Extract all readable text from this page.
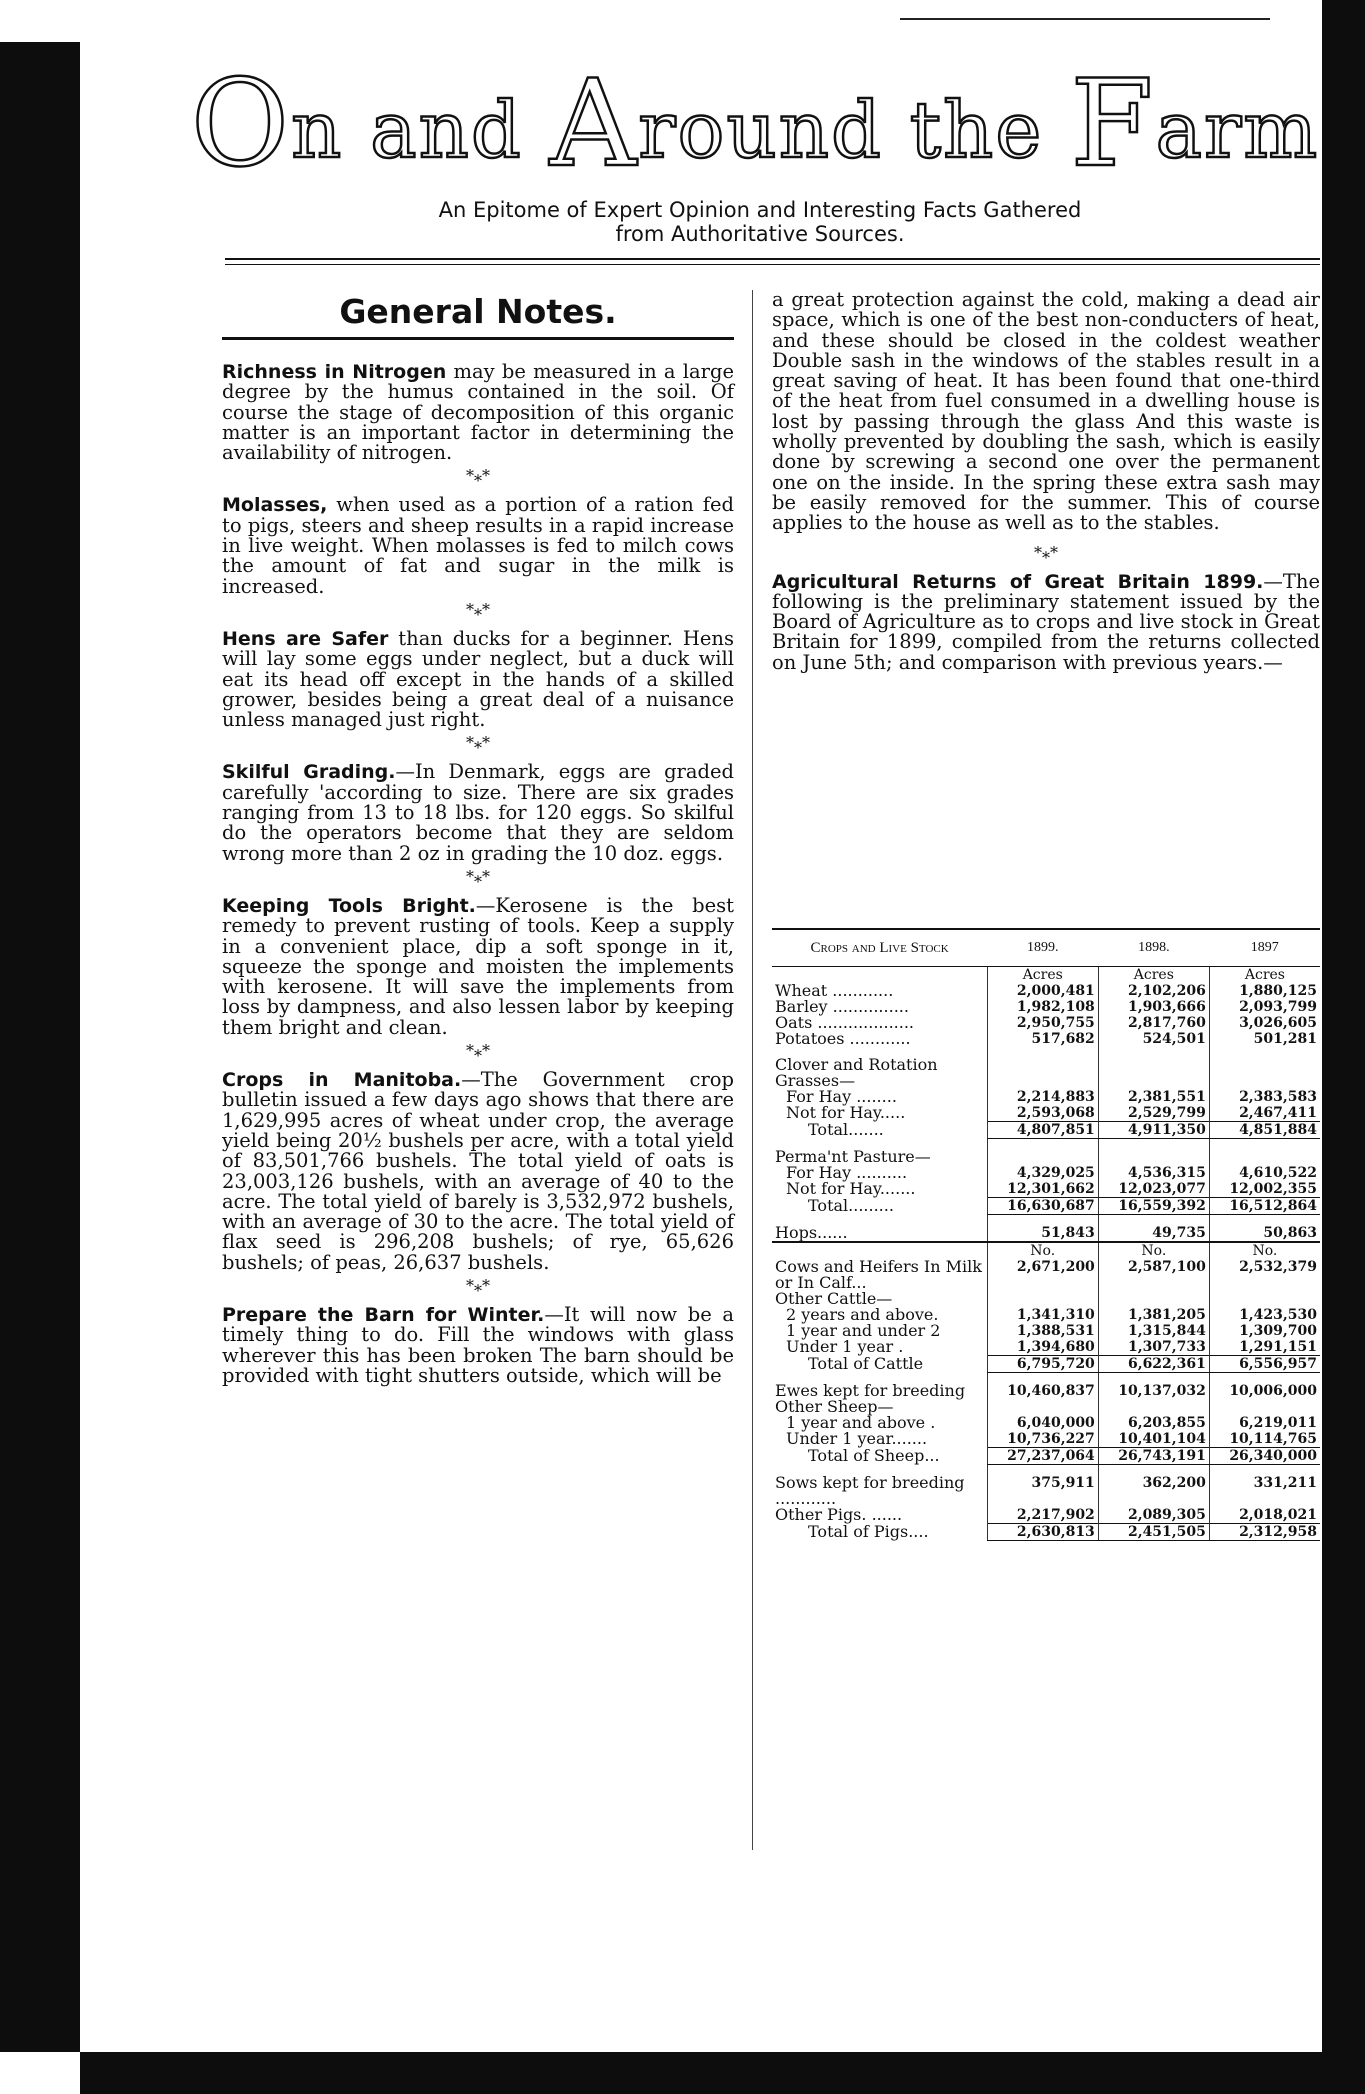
On and Around the Farm
An Epitome of Expert Opinion and Interesting Facts Gathered
from Authoritative Sources.
General Notes.

Richness in Nitrogen may be measured in a large degree by the humus contained in the soil. Of course the stage of decomposition of this organic matter is an important factor in determining the availability of nitrogen.

*⁎*

Molasses, when used as a portion of a ration fed to pigs, steers and sheep results in a rapid increase in live weight. When molasses is fed to milch cows the amount of fat and sugar in the milk is increased.

*⁎*

Hens are Safer than ducks for a beginner. Hens will lay some eggs under neglect, but a duck will eat its head off except in the hands of a skilled grower, besides being a great deal of a nuisance unless managed just right.

*⁎*

Skilful Grading.—In Denmark, eggs are graded carefully 'according to size. There are six grades ranging from 13 to 18 lbs. for 120 eggs. So skilful do the operators become that they are seldom wrong more than 2 oz in grading the 10 doz. eggs.

*⁎*

Keeping Tools Bright.—Kerosene is the best remedy to prevent rusting of tools. Keep a supply in a convenient place, dip a soft sponge in it, squeeze the sponge and moisten the implements with kerosene. It will save the implements from loss by dampness, and also lessen labor by keeping them bright and clean.

*⁎*

Crops in Manitoba.—The Government crop bulletin issued a few days ago shows that there are 1,629,995 acres of wheat under crop, the average yield being 20½ bushels per acre, with a total yield of 83,501,766 bushels. The total yield of oats is 23,003,126 bushels, with an average of 40 to the acre. The total yield of barely is 3,532,972 bushels, with an average of 30 to the acre. The total yield of flax seed is 296,208 bushels; of rye, 65,626 bushels; of peas, 26,637 bushels.

*⁎*

Prepare the Barn for Winter.—It will now be a timely thing to do. Fill the windows with glass wherever this has been broken The barn should be provided with tight shutters outside, which will be

a great protection against the cold, making a dead air space, which is one of the best non-conducters of heat, and these should be closed in the coldest weather Double sash in the windows of the stables result in a great saving of heat. It has been found that one-third of the heat from fuel consumed in a dwelling house is lost by passing through the glass And this waste is wholly prevented by doubling the sash, which is easily done by screwing a second one over the permanent one on the inside. In the spring these extra sash may be easily removed for the summer. This of course applies to the house as well as to the stables.

*⁎*

Agricultural Returns of Great Britain 1899.—The following is the preliminary statement issued by the Board of Agriculture as to crops and live stock in Great Britain for 1899, compiled from the returns collected on June 5th; and comparison with previous years.—

Crops and Live Stock	1899.	1898.	1897
	Acres	Acres	Acres
Wheat ............	2,000,481	2,102,206	1,880,125
Barley ...............	1,982,108	1,903,666	2,093,799
Oats ...................	2,950,755	2,817,760	3,026,605
Potatoes ............	517,682	524,501	501,281

Clover and Rotation Grasses—			
For Hay ........	2,214,883	2,381,551	2,383,583
Not for Hay.....	2,593,068	2,529,799	2,467,411
Total.......	4,807,851	4,911,350	4,851,884

Perma'nt Pasture—			
For Hay ..........	4,329,025	4,536,315	4,610,522
Not for Hay.......	12,301,662	12,023,077	12,002,355
Total.........	16,630,687	16,559,392	16,512,864

Hops......	51,843	49,735	50,863
	No.	No.	No.
Cows and Heifers In Milk or In Calf...	2,671,200	2,587,100	2,532,379
Other Cattle—			
2 years and above.	1,341,310	1,381,205	1,423,530
1 year and under 2	1,388,531	1,315,844	1,309,700
Under 1 year .	1,394,680	1,307,733	1,291,151
Total of Cattle	6,795,720	6,622,361	6,556,957

Ewes kept for breeding	10,460,837	10,137,032	10,006,000
Other Sheep—			
1 year and above .	6,040,000	6,203,855	6,219,011
Under 1 year.......	10,736,227	10,401,104	10,114,765
Total of Sheep...	27,237,064	26,743,191	26,340,000

Sows kept for breeding ............	375,911	362,200	331,211
Other Pigs. ......	2,217,902	2,089,305	2,018,021
Total of Pigs....	2,630,813	2,451,505	2,312,958
